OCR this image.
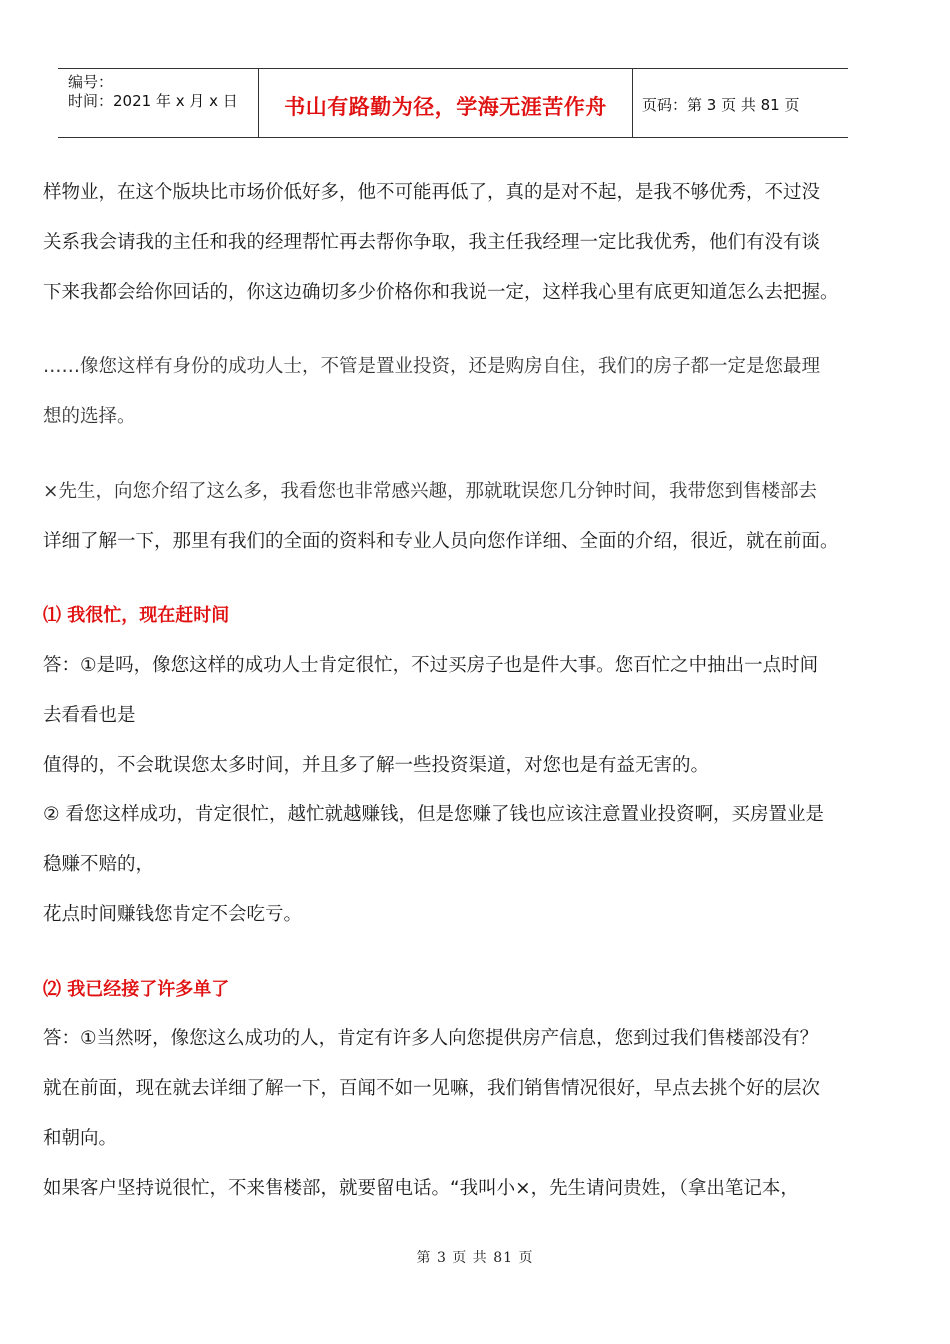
编号：
时间：2021 年 x 月 x 日	书山有路勤为径，学海无涯苦作舟	页码：第 3 页 共 81 页
样物业，在这个版块比市场价低好多，他不可能再低了，真的是对不起，是我不够优秀，不过没
关系我会请我的主任和我的经理帮忙再去帮你争取，我主任我经理一定比我优秀，他们有没有谈
下来我都会给你回话的，你这边确切多少价格你和我说一定，这样我心里有底更知道怎么去把握。
……像您这样有身份的成功人士，不管是置业投资，还是购房自住，我们的房子都一定是您最理
想的选择。
×先生，向您介绍了这么多，我看您也非常感兴趣，那就耽误您几分钟时间，我带您到售楼部去
详细了解一下，那里有我们的全面的资料和专业人员向您作详细、全面的介绍，很近，就在前面。
⑴ 我很忙，现在赶时间
答：①是吗，像您这样的成功人士肯定很忙，不过买房子也是件大事。您百忙之中抽出一点时间
去看看也是
值得的，不会耽误您太多时间，并且多了解一些投资渠道，对您也是有益无害的。
② 看您这样成功，肯定很忙，越忙就越赚钱，但是您赚了钱也应该注意置业投资啊，买房置业是
稳赚不赔的，
花点时间赚钱您肯定不会吃亏。
⑵ 我已经接了许多单了
答：①当然呀，像您这么成功的人，肯定有许多人向您提供房产信息，您到过我们售楼部没有？
就在前面，现在就去详细了解一下，百闻不如一见嘛，我们销售情况很好，早点去挑个好的层次
和朝向。
如果客户坚持说很忙，不来售楼部，就要留电话。“我叫小×，先生请问贵姓，（拿出笔记本，
第 3 页 共 81 页
